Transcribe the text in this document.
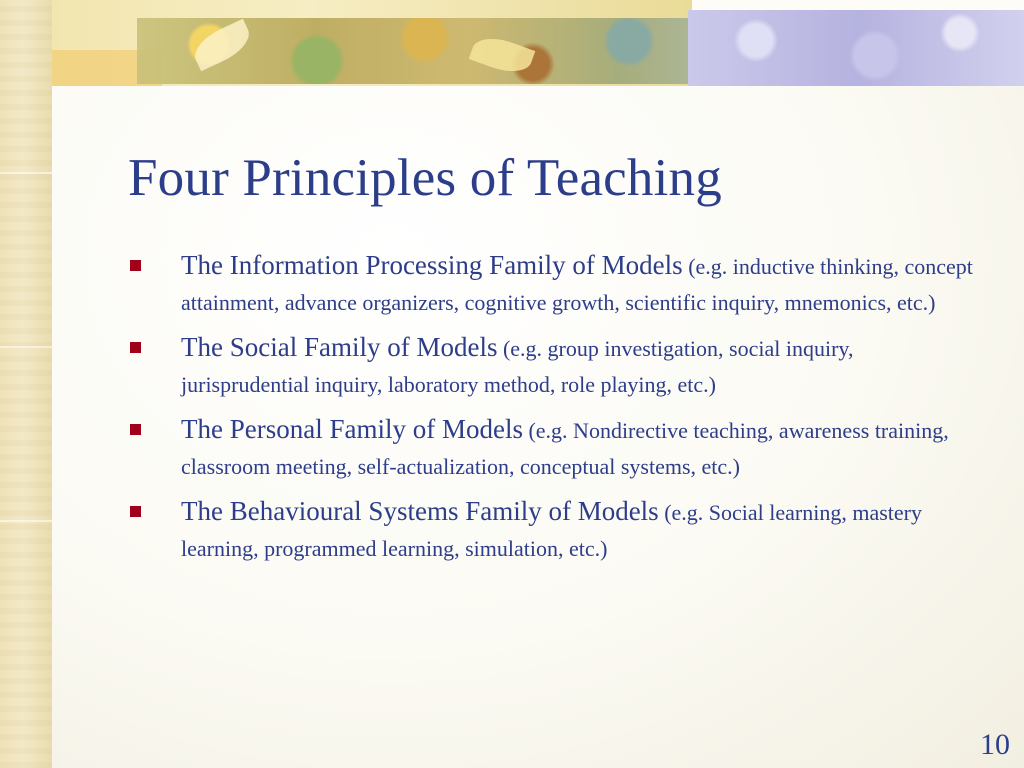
Four Principles of Teaching
The Information Processing Family of Models (e.g. inductive thinking, concept attainment, advance organizers, cognitive growth, scientific inquiry, mnemonics, etc.)
The Social Family of Models (e.g. group investigation, social inquiry, jurisprudential inquiry, laboratory method, role playing, etc.)
The Personal Family of Models (e.g. Nondirective teaching, awareness training, classroom meeting, self-actualization, conceptual systems, etc.)
The Behavioural Systems Family of Models (e.g. Social learning, mastery learning, programmed learning, simulation, etc.)
10
